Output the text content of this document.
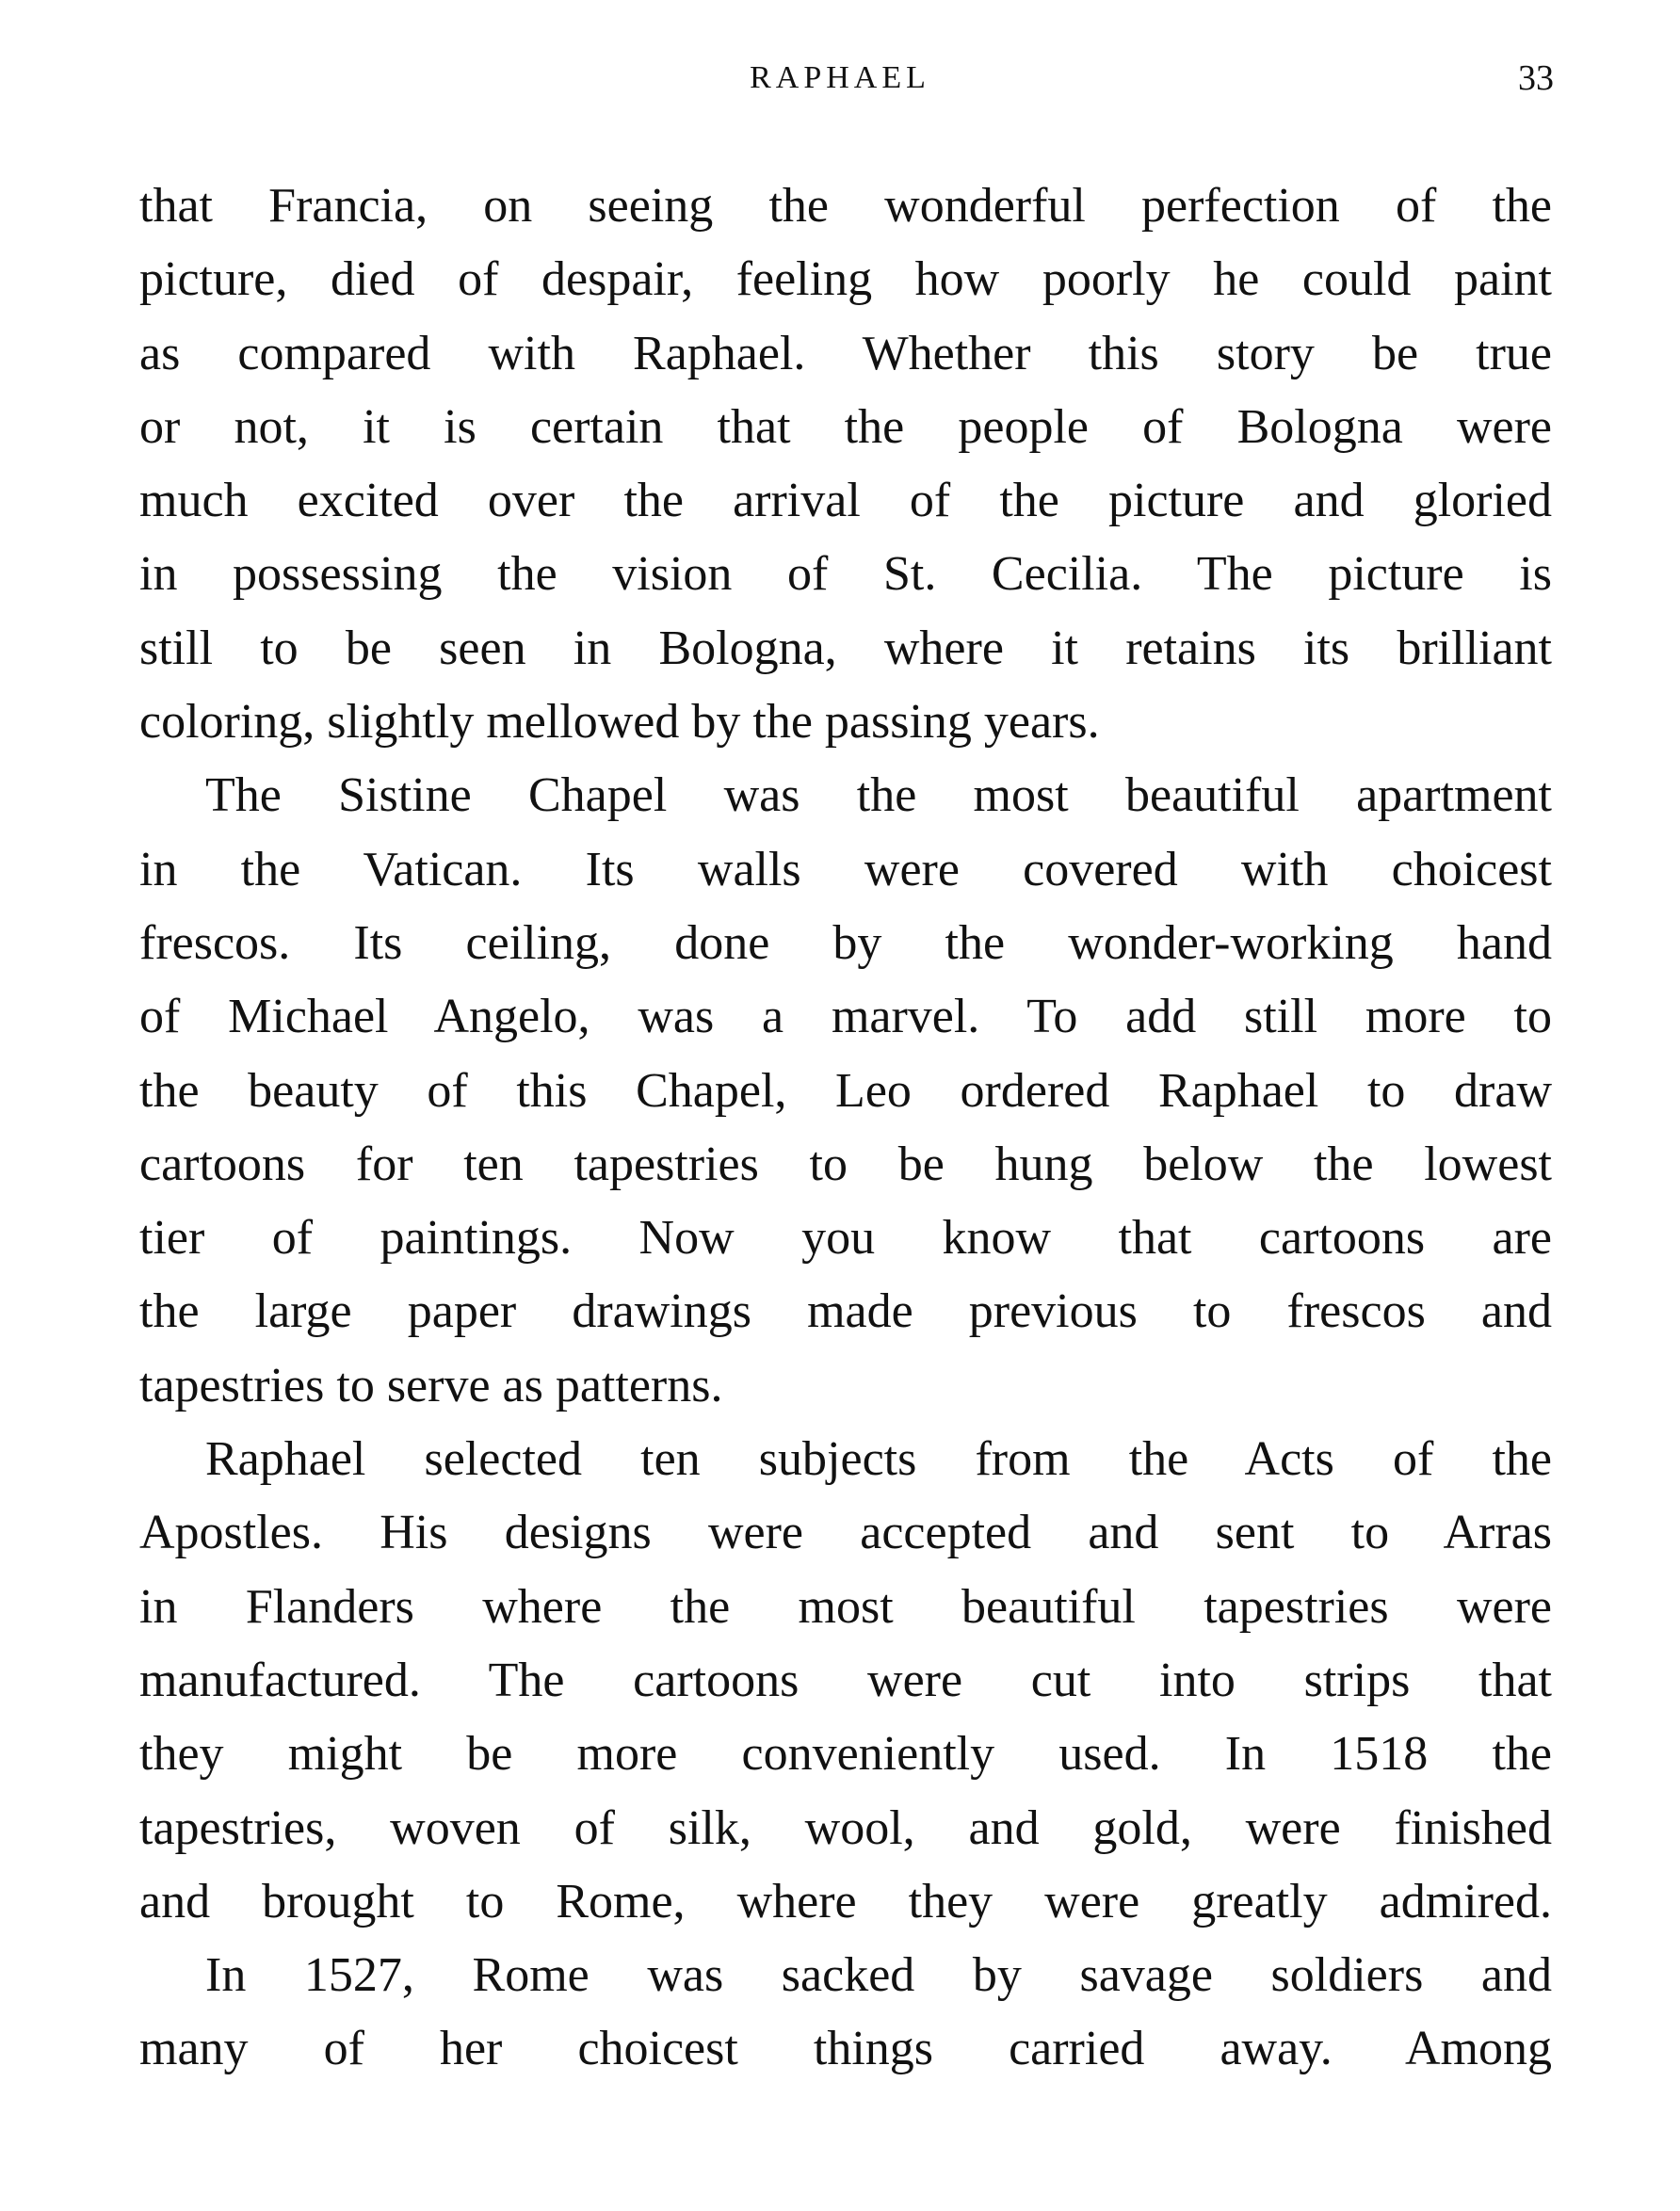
RAPHAEL	33
that Francia, on seeing the wonderful perfection of the
picture, died of despair, feeling how poorly he could paint
as compared with Raphael. Whether this story be true
or not, it is certain that the people of Bologna were
much excited over the arrival of the picture and gloried
in possessing the vision of St. Cecilia. The picture is
still to be seen in Bologna, where it retains its brilliant
coloring, slightly mellowed by the passing years.
The Sistine Chapel was the most beautiful apartment
in the Vatican. Its walls were covered with choicest
frescos. Its ceiling, done by the wonder-working hand
of Michael Angelo, was a marvel. To add still more to
the beauty of this Chapel, Leo ordered Raphael to draw
cartoons for ten tapestries to be hung below the lowest
tier of paintings. Now you know that cartoons are
the large paper drawings made previous to frescos and
tapestries to serve as patterns.
Raphael selected ten subjects from the Acts of the
Apostles. His designs were accepted and sent to Arras
in Flanders where the most beautiful tapestries were
manufactured. The cartoons were cut into strips that
they might be more conveniently used. In 1518 the
tapestries, woven of silk, wool, and gold, were finished
and brought to Rome, where they were greatly admired.
In 1527, Rome was sacked by savage soldiers and
many of her choicest things carried away. Among
